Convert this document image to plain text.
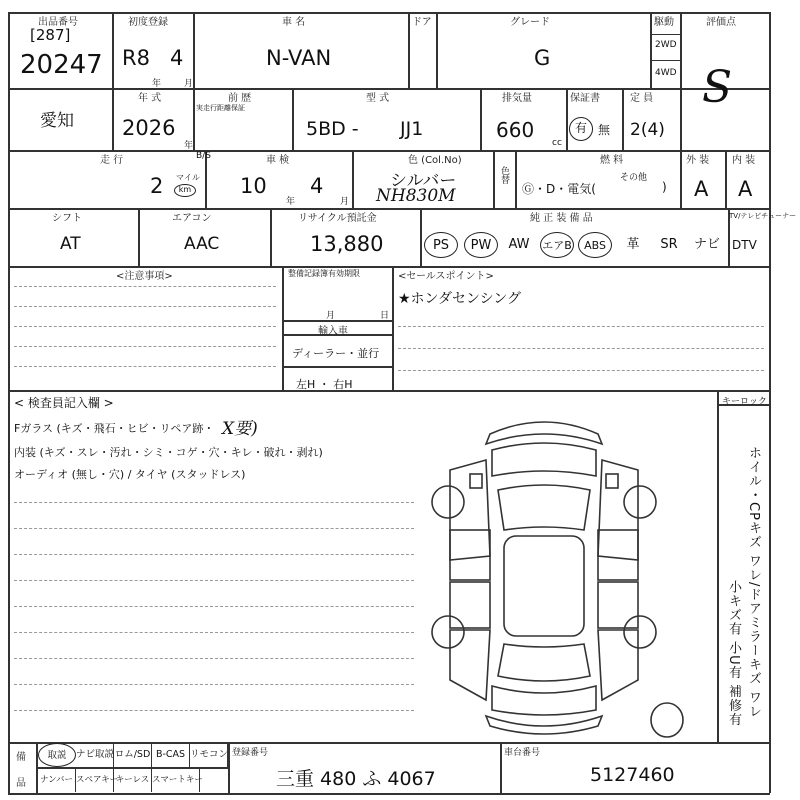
出品番号
[287]
20247
初度登録
R8 4
年	月
車 名
N-VAN
ドア	グレード
G
駆動
2WD
4WD
評価点
S
愛知
年 式
2026
年
前 歴
実走行距離保証
型 式
5BD - JJ1
排気量
660
cc
保証書
有 無
定 員
2(4)
走 行	B/S
2 マイル
km
車 検
10
年
4
月
色 (Col.No)
シルバー
NH830M
色替
燃 料
その他
Ⓖ・D・電気(	)
外 装
A
内 装
A
シフト
AT
エアコン
AAC
リサイクル預託金
13,880
純 正 装 備 品
PS	PW	AW	エアB	ABS	革	SR	ナビ
TV/テレビチューナー
DTV
<注意事項>	整備記録簿有効期限
月	日
輸入車
ディーラー・並行
左H ・ 右H
<セールスポイント>
★ホンダセンシング
< 検査員記入欄 >
Fガラス (キズ・飛石・ヒビ・リペア跡・ X要)
内装 (キズ・スレ・汚れ・シミ・コゲ・穴・キレ・破れ・剥れ)
オーディオ (無し・穴) / タイヤ (スタッドレス)
キーロック
ホイル・CPキズ ワレ/ドアミラーキズ ワレ
小キズ有 小U有 補修有
備
品
取説	ナビ取説 ロム/SD B-CAS リモコン
ナンバー スペアキー
キーレス スマートキー
登録番号
三重 480 ふ 4067
車台番号
5127460
